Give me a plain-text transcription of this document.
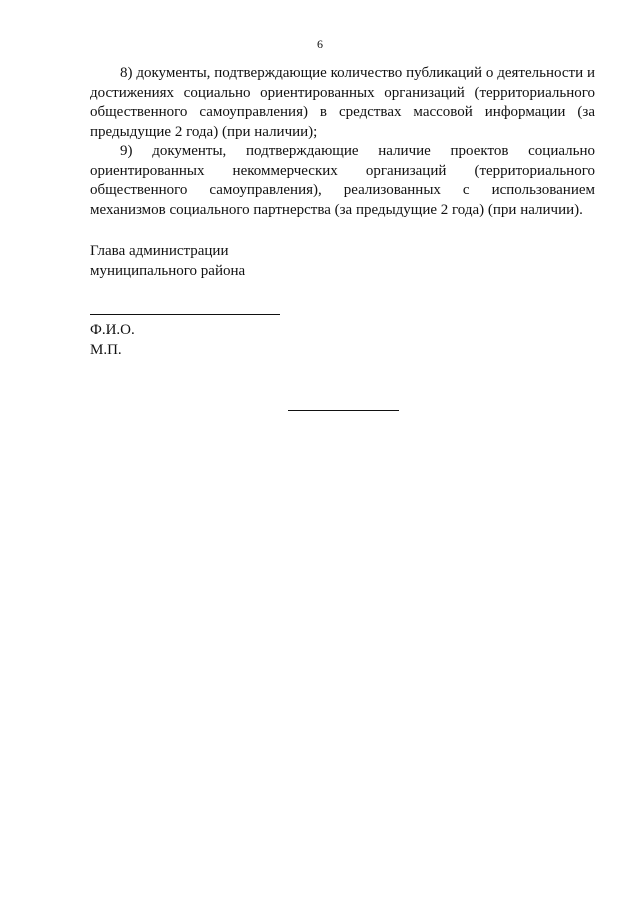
6

8) документы, подтверждающие количество публикаций о деятельности и достижениях социально ориентированных организаций (территориального общественного самоуправления) в средствах массовой информации (за предыдущие 2 года) (при наличии);

9) документы, подтверждающие наличие проектов социально ориентированных некоммерческих организаций (территориального общественного самоуправления), реализованных с использованием механизмов социального партнерства (за предыдущие 2 года) (при наличии).

Глава администрации

муниципального района

Ф.И.О.

М.П.
